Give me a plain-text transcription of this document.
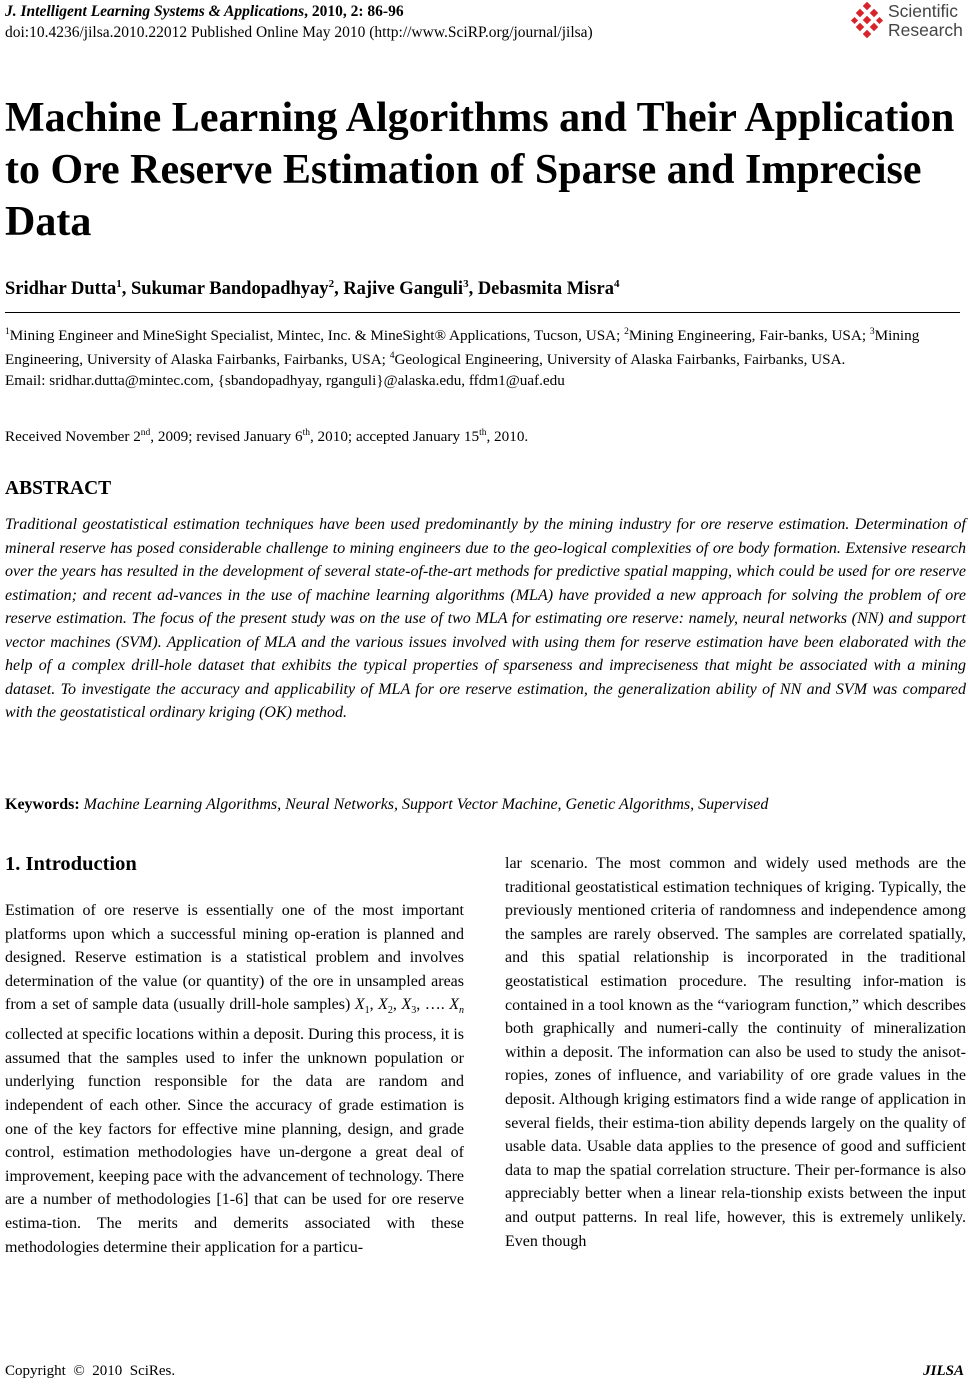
J. Intelligent Learning Systems & Applications, 2010, 2: 86-96
doi:10.4236/jilsa.2010.22012 Published Online May 2010 (http://www.SciRP.org/journal/jilsa)
Scientific
Research
Machine Learning Algorithms and Their Application to Ore Reserve Estimation of Sparse and Imprecise Data
Sridhar Dutta$^1$, Sukumar Bandopadhyay$^2$, Rajive Ganguli$^3$, Debasmita Misra$^4$
$^1$Mining Engineer and MineSight Specialist, Mintec, Inc. & MineSight® Applications, Tucson, USA; $^2$Mining Engineering, Fair-banks, USA; $^3$Mining Engineering, University of Alaska Fairbanks, Fairbanks, USA; $^4$Geological Engineering, University of Alaska Fairbanks, Fairbanks, USA.
Email: sridhar.dutta@mintec.com, {sbandopadhyay, rganguli}@alaska.edu, ffdm1@uaf.edu
Received November 2nd, 2009; revised January 6th, 2010; accepted January 15th, 2010.
ABSTRACT
Traditional geostatistical estimation techniques have been used predominantly by the mining industry for ore reserve estimation. Determination of mineral reserve has posed considerable challenge to mining engineers due to the geo-logical complexities of ore body formation. Extensive research over the years has resulted in the development of several state-of-the-art methods for predictive spatial mapping, which could be used for ore reserve estimation; and recent ad-vances in the use of machine learning algorithms (MLA) have provided a new approach for solving the problem of ore reserve estimation. The focus of the present study was on the use of two MLA for estimating ore reserve: namely, neural networks (NN) and support vector machines (SVM). Application of MLA and the various issues involved with using them for reserve estimation have been elaborated with the help of a complex drill-hole dataset that exhibits the typical properties of sparseness and impreciseness that might be associated with a mining dataset. To investigate the accuracy and applicability of MLA for ore reserve estimation, the generalization ability of NN and SVM was compared with the geostatistical ordinary kriging (OK) method.
Keywords: Machine Learning Algorithms, Neural Networks, Support Vector Machine, Genetic Algorithms, Supervised
1. Introduction
Estimation of ore reserve is essentially one of the most important platforms upon which a successful mining op-eration is planned and designed. Reserve estimation is a statistical problem and involves determination of the value (or quantity) of the ore in unsampled areas from a set of sample data (usually drill-hole samples) $X_1$, $X_2$, $X_3$, …. $X_n$ collected at specific locations within a deposit. During this process, it is assumed that the samples used to infer the unknown population or underlying function responsible for the data are random and independent of each other. Since the accuracy of grade estimation is one of the key factors for effective mine planning, design, and grade control, estimation methodologies have un-dergone a great deal of improvement, keeping pace with the advancement of technology. There are a number of methodologies [1-6] that can be used for ore reserve estima-tion. The merits and demerits associated with these methodologies determine their application for a particu-
lar scenario. The most common and widely used methods are the traditional geostatistical estimation techniques of kriging. Typically, the previously mentioned criteria of randomness and independence among the samples are rarely observed. The samples are correlated spatially, and this spatial relationship is incorporated in the traditional geostatistical estimation procedure. The resulting infor-mation is contained in a tool known as the “variogram function,” which describes both graphically and numeri-cally the continuity of mineralization within a deposit. The information can also be used to study the anisot-ropies, zones of influence, and variability of ore grade values in the deposit. Although kriging estimators find a wide range of application in several fields, their estima-tion ability depends largely on the quality of usable data. Usable data applies to the presence of good and sufficient data to map the spatial correlation structure. Their per-formance is also appreciably better when a linear rela-tionship exists between the input and output patterns. In real life, however, this is extremely unlikely. Even though
Copyright  ©  2010  SciRes.	JILSA
